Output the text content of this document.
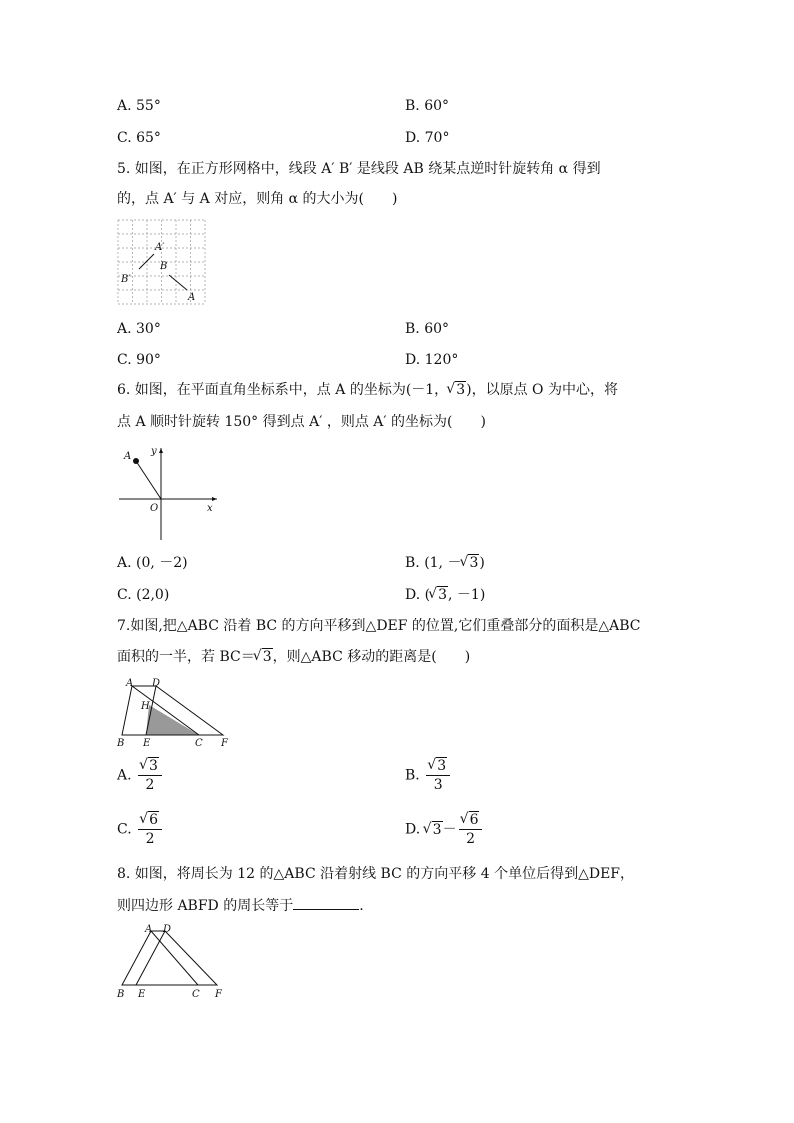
A. 55°	B. 60°
C. 65°	D. 70°
5. 如图，在正方形网格中，线段 A′ B′ 是线段 AB 绕某点逆时针旋转角 α 得到
的，点 A′ 与 A 对应，则角 α 的大小为(　　)
A′
B′
B
A
A. 30°	B. 60°
C. 90°	D. 120°
6. 如图，在平面直角坐标系中，点 A 的坐标为(－1， √ 3)，以原点 O 为中心，将
点 A 顺时针旋转 150° 得到点 A′ ，则点 A′ 的坐标为(　　)
A y
O	x
A. (0, －2)	B. (1, － √ 3)
C. (2,0)	D. ( √ 3, －1)
7.如图,把△ABC 沿着 BC 的方向平移到△DEF 的位置,它们重叠部分的面积是△ABC
面积的一半，若 BC＝ √ 3，则△ABC 移动的距离是(　　)
A D
H
B E	C F
A. √ $\frac{3}{2}$	B. √ $\frac{3}{3}$
C. √ $\frac{6}{2}$	D. √ 3－ √ $\frac{6}{2}$
8. 如图，将周长为 12 的△ABC 沿着射线 BC 的方向平移 4 个单位后得到△DEF，
则四边形 ABFD 的周长等于	.
A D
B E	C F
